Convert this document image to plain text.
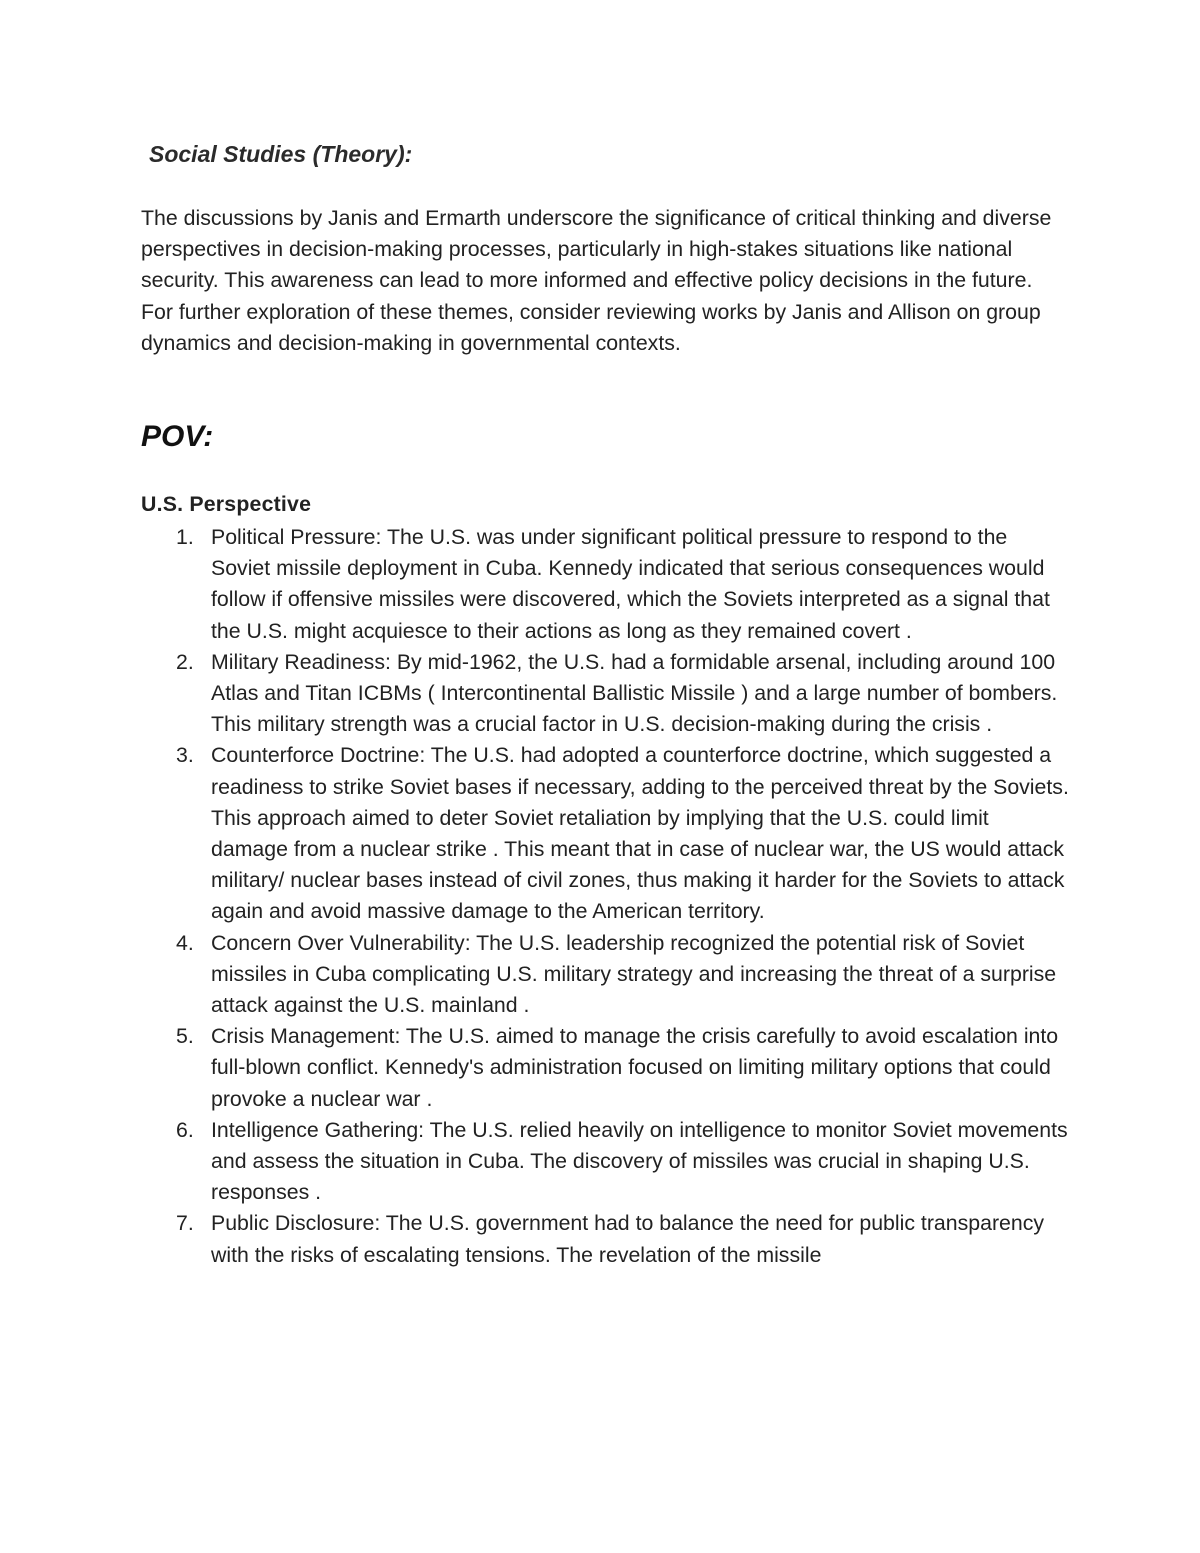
Social Studies (Theory):

The discussions by Janis and Ermarth underscore the significance of critical thinking and diverse perspectives in decision-making processes, particularly in high-stakes situations like national security. This awareness can lead to more informed and effective policy decisions in the future.

For further exploration of these themes, consider reviewing works by Janis and Allison on group dynamics and decision-making in governmental contexts.

POV:
U.S. Perspective
1. Political Pressure: The U.S. was under significant political pressure to respond to the Soviet missile deployment in Cuba. Kennedy indicated that serious consequences would follow if offensive missiles were discovered, which the Soviets interpreted as a signal that the U.S. might acquiesce to their actions as long as they remained covert .
2. Military Readiness: By mid-1962, the U.S. had a formidable arsenal, including around 100 Atlas and Titan ICBMs ( Intercontinental Ballistic Missile ) and a large number of bombers. This military strength was a crucial factor in U.S. decision-making during the crisis .
3. Counterforce Doctrine: The U.S. had adopted a counterforce doctrine, which suggested a readiness to strike Soviet bases if necessary, adding to the perceived threat by the Soviets. This approach aimed to deter Soviet retaliation by implying that the U.S. could limit damage from a nuclear strike . This meant that in case of nuclear war, the US would attack military/ nuclear bases instead of civil zones, thus making it harder for the Soviets to attack again and avoid massive damage to the American territory.
4. Concern Over Vulnerability: The U.S. leadership recognized the potential risk of Soviet missiles in Cuba complicating U.S. military strategy and increasing the threat of a surprise attack against the U.S. mainland .
5. Crisis Management: The U.S. aimed to manage the crisis carefully to avoid escalation into full-blown conflict. Kennedy's administration focused on limiting military options that could provoke a nuclear war .
6. Intelligence Gathering: The U.S. relied heavily on intelligence to monitor Soviet movements and assess the situation in Cuba. The discovery of missiles was crucial in shaping U.S. responses .
7. Public Disclosure: The U.S. government had to balance the need for public transparency with the risks of escalating tensions. The revelation of the missile
